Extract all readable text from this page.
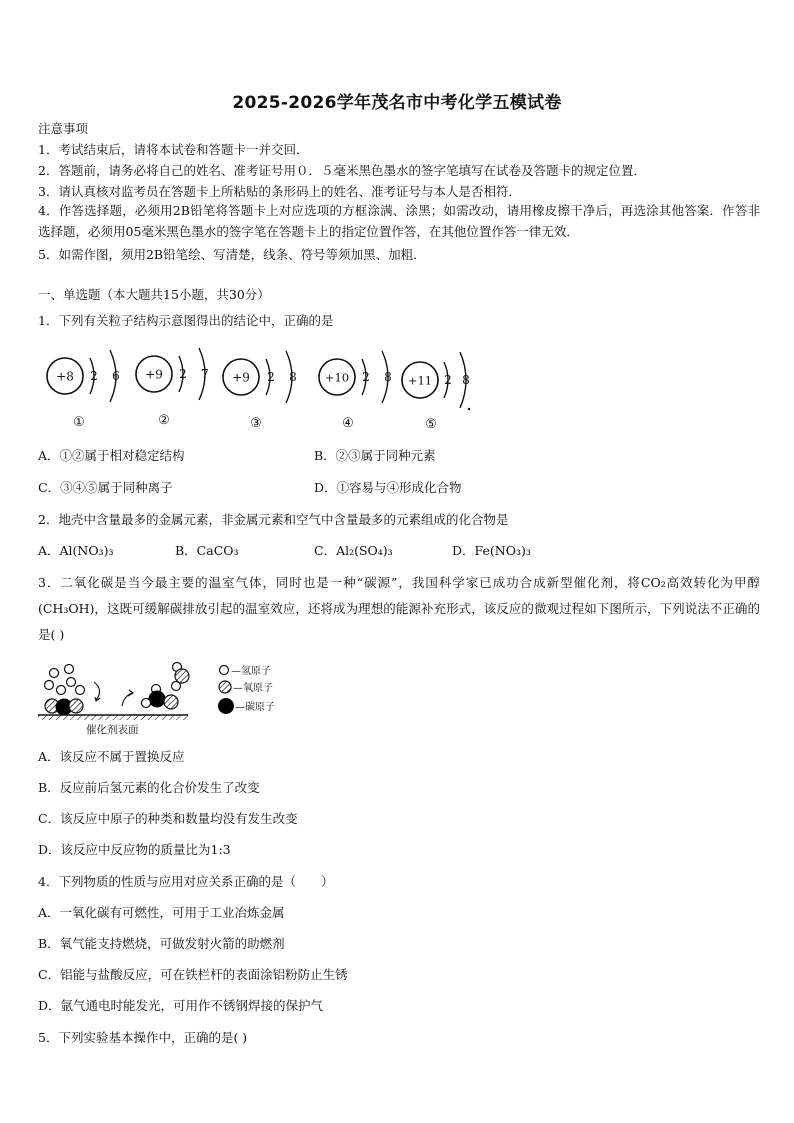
2025-2026学年茂名市中考化学五模试卷
注意事项
1．考试结束后，请将本试卷和答题卡一并交回．
2．答题前，请务必将自己的姓名、准考证号用０．５毫米黑色墨水的签字笔填写在试卷及答题卡的规定位置．
3．请认真核对监考员在答题卡上所粘贴的条形码上的姓名、准考证号与本人是否相符．
4．作答选择题，必须用2B铅笔将答题卡上对应选项的方框涂满、涂黑；如需改动，请用橡皮擦干净后，再选涂其他答案．作答非选择题，必须用05毫米黑色墨水的签字笔在答题卡上的指定位置作答，在其他位置作答一律无效．
5．如需作图，须用2B铅笔绘、写清楚，线条、符号等须加黑、加粗．
一、单选题（本大题共15小题，共30分）
1．下列有关粒子结构示意图得出的结论中，正确的是
+8 2 6
①
+9 2 7
②
+9 2 8
③
+10 2 8
④
+11 2 8
⑤
A．①②属于相对稳定结构	B．②③属于同种元素
C．③④⑤属于同种离子	D．①容易与④形成化合物
2．地壳中含量最多的金属元素，非金属元素和空气中含量最多的元素组成的化合物是
A．Al(NO₃)₃	B．CaCO₃	C．Al₂(SO₄)₃	D．Fe(NO₃)₃
3．二氧化碳是当今最主要的温室气体，同时也是一种“碳源”，我国科学家已成功合成新型催化剂，将CO₂高效转化为甲醇(CH₃OH)，这既可缓解碳排放引起的温室效应，还将成为理想的能源补充形式，该反应的微观过程如下图所示，下列说法不正确的是( )
催化剂表面
—氢原子
—氧原子
—碳原子
A．该反应不属于置换反应
B．反应前后氢元素的化合价发生了改变
C．该反应中原子的种类和数量均没有发生改变
D．该反应中反应物的质量比为1:3
4．下列物质的性质与应用对应关系正确的是（　　）
A．一氧化碳有可燃性，可用于工业冶炼金属
B．氧气能支持燃烧，可做发射火箭的助燃剂
C．铝能与盐酸反应，可在铁栏杆的表面涂铝粉防止生锈
D．氩气通电时能发光，可用作不锈钢焊接的保护气
5．下列实验基本操作中，正确的是( )
